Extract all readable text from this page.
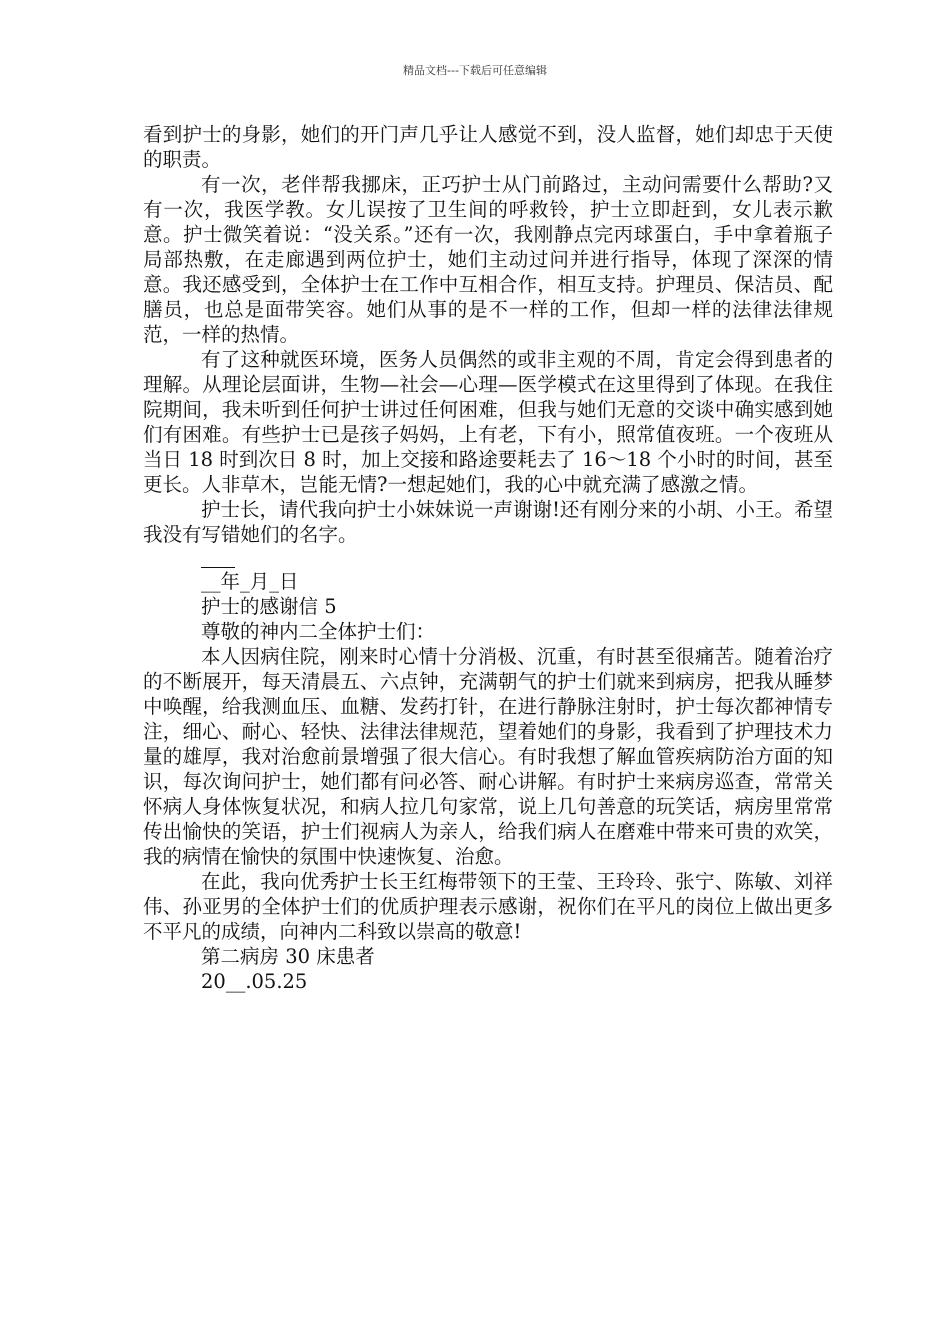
精品文档---下载后可任意编辑

看到护士的身影，她们的开门声几乎让人感觉不到，没人监督，她们却忠于天使的职责。

有一次，老伴帮我挪床，正巧护士从门前路过，主动问需要什么帮助?又有一次，我医学教。女儿误按了卫生间的呼救铃，护士立即赶到，女儿表示歉意。护士微笑着说：“没关系。”还有一次，我刚静点完丙球蛋白，手中拿着瓶子局部热敷，在走廊遇到两位护士，她们主动过问并进行指导，体现了深深的情意。我还感受到，全体护士在工作中互相合作，相互支持。护理员、保洁员、配膳员，也总是面带笑容。她们从事的是不一样的工作，但却一样的法律法律规范，一样的热情。

有了这种就医环境，医务人员偶然的或非主观的不周，肯定会得到患者的理解。从理论层面讲，生物—社会—心理—医学模式在这里得到了体现。在我住院期间，我未听到任何护士讲过任何困难，但我与她们无意的交谈中确实感到她们有困难。有些护士已是孩子妈妈，上有老，下有小，照常值夜班。一个夜班从当日 18 时到次日 8 时，加上交接和路途要耗去了 16～18 个小时的时间，甚至更长。人非草木，岂能无情?一想起她们，我的心中就充满了感激之情。

护士长，请代我向护士小妹妹说一声谢谢!还有刚分来的小胡、小王。希望我没有写错她们的名字。

__年_月_日

护士的感谢信 5

尊敬的神内二全体护士们：

本人因病住院，刚来时心情十分消极、沉重，有时甚至很痛苦。随着治疗的不断展开，每天清晨五、六点钟，充满朝气的护士们就来到病房，把我从睡梦中唤醒，给我测血压、血糖、发药打针，在进行静脉注射时，护士每次都神情专注，细心、耐心、轻快、法律法律规范，望着她们的身影，我看到了护理技术力量的雄厚，我对治愈前景增强了很大信心。有时我想了解血管疾病防治方面的知识，每次询问护士，她们都有问必答、耐心讲解。有时护士来病房巡查，常常关怀病人身体恢复状况，和病人拉几句家常，说上几句善意的玩笑话，病房里常常传出愉快的笑语，护士们视病人为亲人，给我们病人在磨难中带来可贵的欢笑，我的病情在愉快的氛围中快速恢复、治愈。

在此，我向优秀护士长王红梅带领下的王莹、王玲玲、张宁、陈敏、刘祥伟、孙亚男的全体护士们的优质护理表示感谢，祝你们在平凡的岗位上做出更多不平凡的成绩，向神内二科致以崇高的敬意!

第二病房 30 床患者

20__.05.25
